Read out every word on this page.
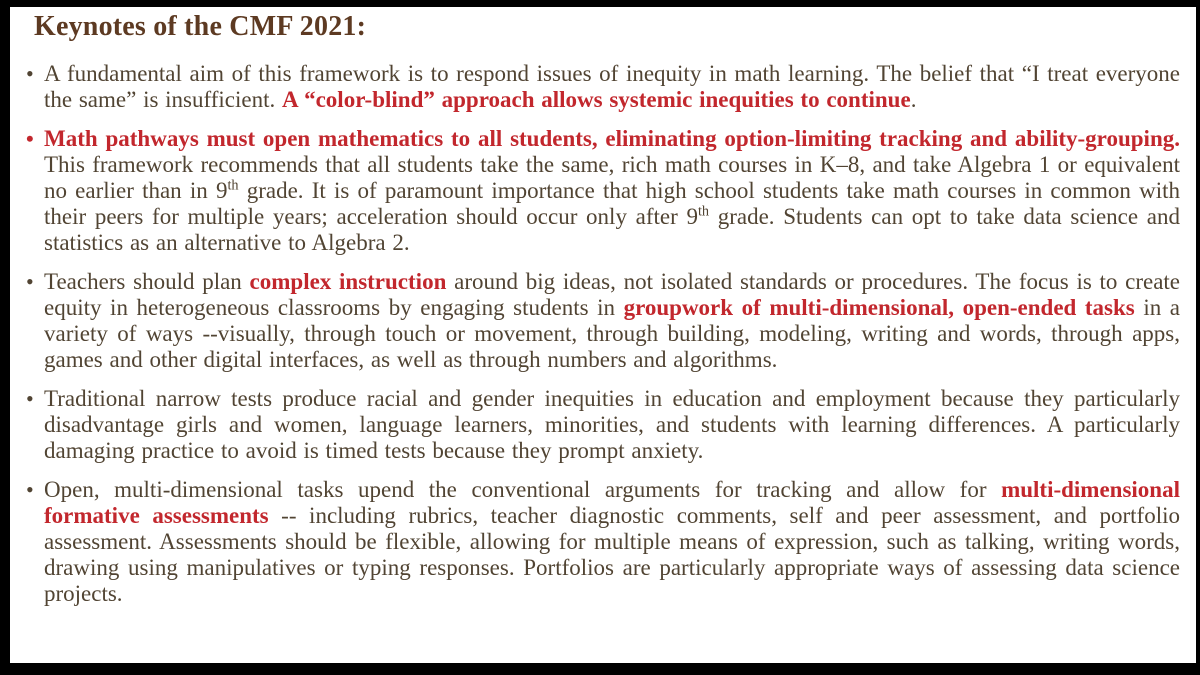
Keynotes of the CMF 2021:
• A fundamental aim of this framework is to respond issues of inequity in math learning. The belief that “I treat everyone the same” is insufficient. A “color-blind” approach allows systemic inequities to continue.

• Math pathways must open mathematics to all students, eliminating option-limiting tracking and ability-grouping. This framework recommends that all students take the same, rich math courses in K–8, and take Algebra 1 or equivalent no earlier than in 9th grade. It is of paramount importance that high school students take math courses in common with their peers for multiple years; acceleration should occur only after 9th grade. Students can opt to take data science and statistics as an alternative to Algebra 2.

• Teachers should plan complex instruction around big ideas, not isolated standards or procedures. The focus is to create equity in heterogeneous classrooms by engaging students in groupwork of multi-dimensional, open-ended tasks in a variety of ways --visually, through touch or movement, through building, modeling, writing and words, through apps, games and other digital interfaces, as well as through numbers and algorithms.

• Traditional narrow tests produce racial and gender inequities in education and employment because they particularly disadvantage girls and women, language learners, minorities, and students with learning differences. A particularly damaging practice to avoid is timed tests because they prompt anxiety.

• Open, multi-dimensional tasks upend the conventional arguments for tracking and allow for multi-dimensional formative assessments -- including rubrics, teacher diagnostic comments, self and peer assessment, and portfolio assessment. Assessments should be flexible, allowing for multiple means of expression, such as talking, writing words, drawing using manipulatives or typing responses. Portfolios are particularly appropriate ways of assessing data science projects.
